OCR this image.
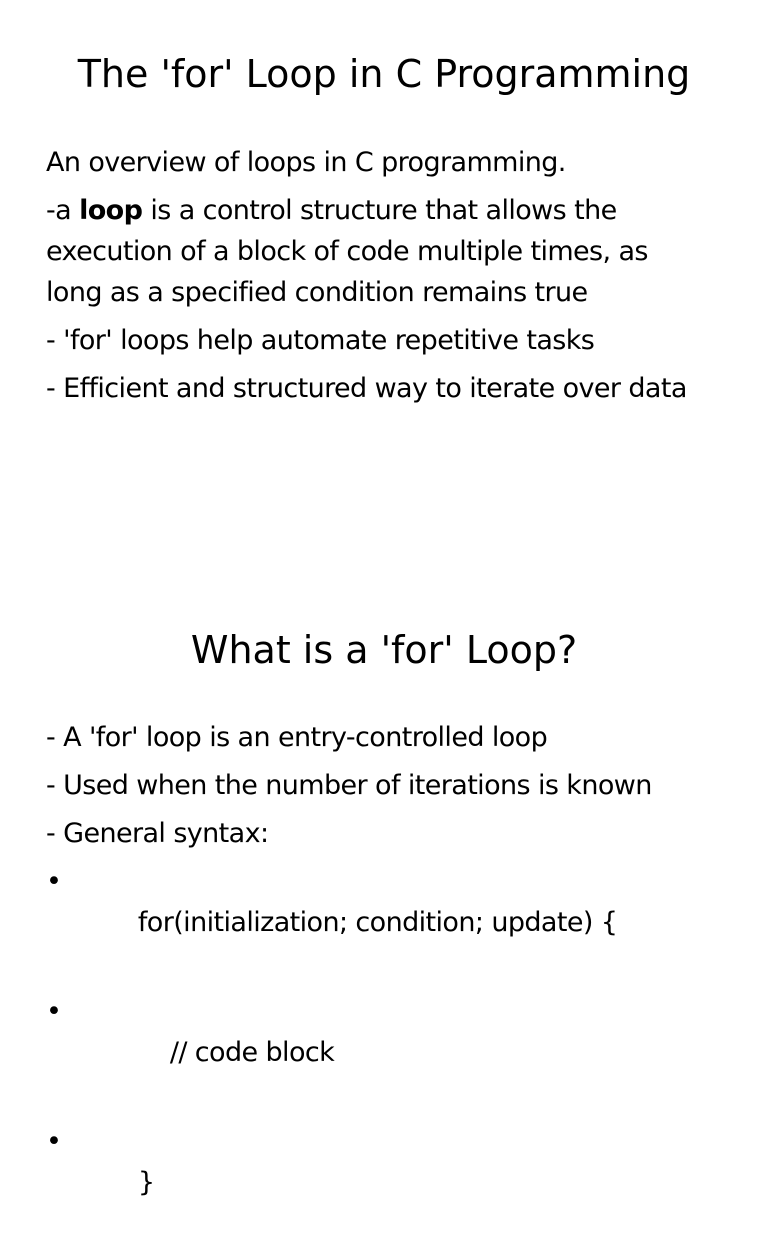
The 'for' Loop in C Programming

An overview of loops in C programming.

-a loop is a control structure that allows the execution of a block of code multiple times, as long as a specified condition remains true

- 'for' loops help automate repetitive tasks

- Efficient and structured way to iterate over data

What is a 'for' Loop?

- A 'for' loop is an entry-controlled loop

- Used when the number of iterations is known

- General syntax:

•
for(initialization; condition; update) {

•
// code block

•
}
